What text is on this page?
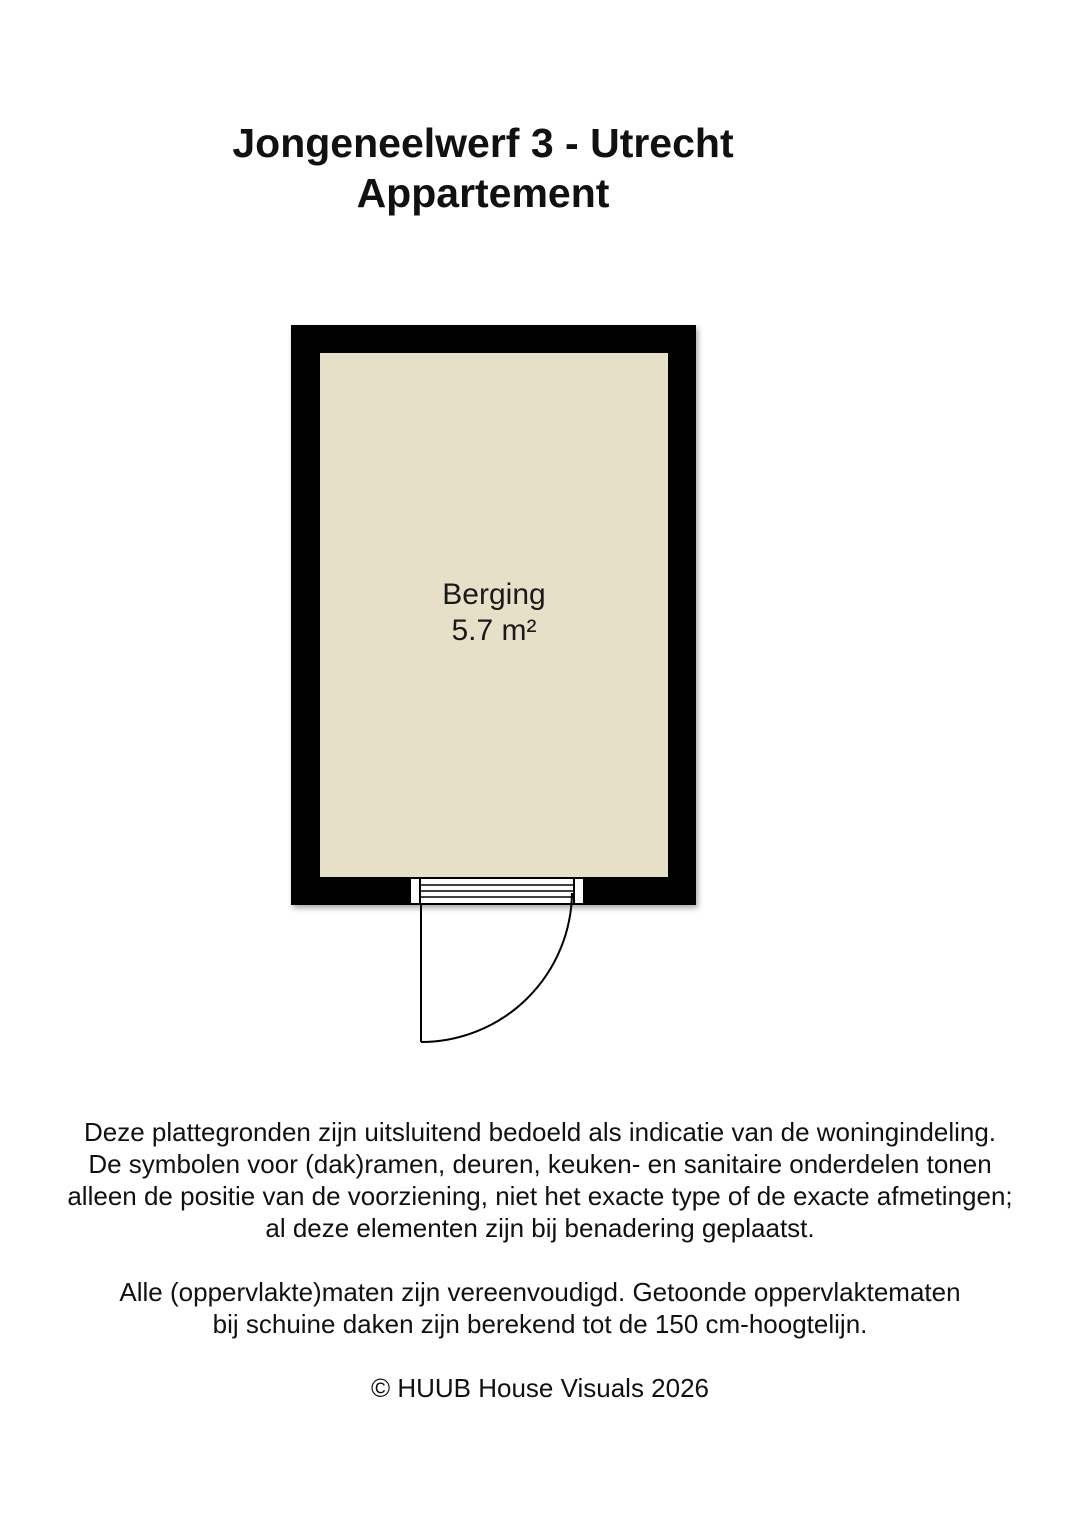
Jongeneelwerf 3 - Utrecht
Appartement
Berging
5.7 m²

Deze plattegronden zijn uitsluitend bedoeld als indicatie van de woningindeling.

De symbolen voor (dak)ramen, deuren, keuken- en sanitaire onderdelen tonen

alleen de positie van de voorziening, niet het exacte type of de exacte afmetingen;

al deze elementen zijn bij benadering geplaatst.

Alle (oppervlakte)maten zijn vereenvoudigd. Getoonde oppervlaktematen

bij schuine daken zijn berekend tot de 150 cm-hoogtelijn.

© HUUB House Visuals 2026
